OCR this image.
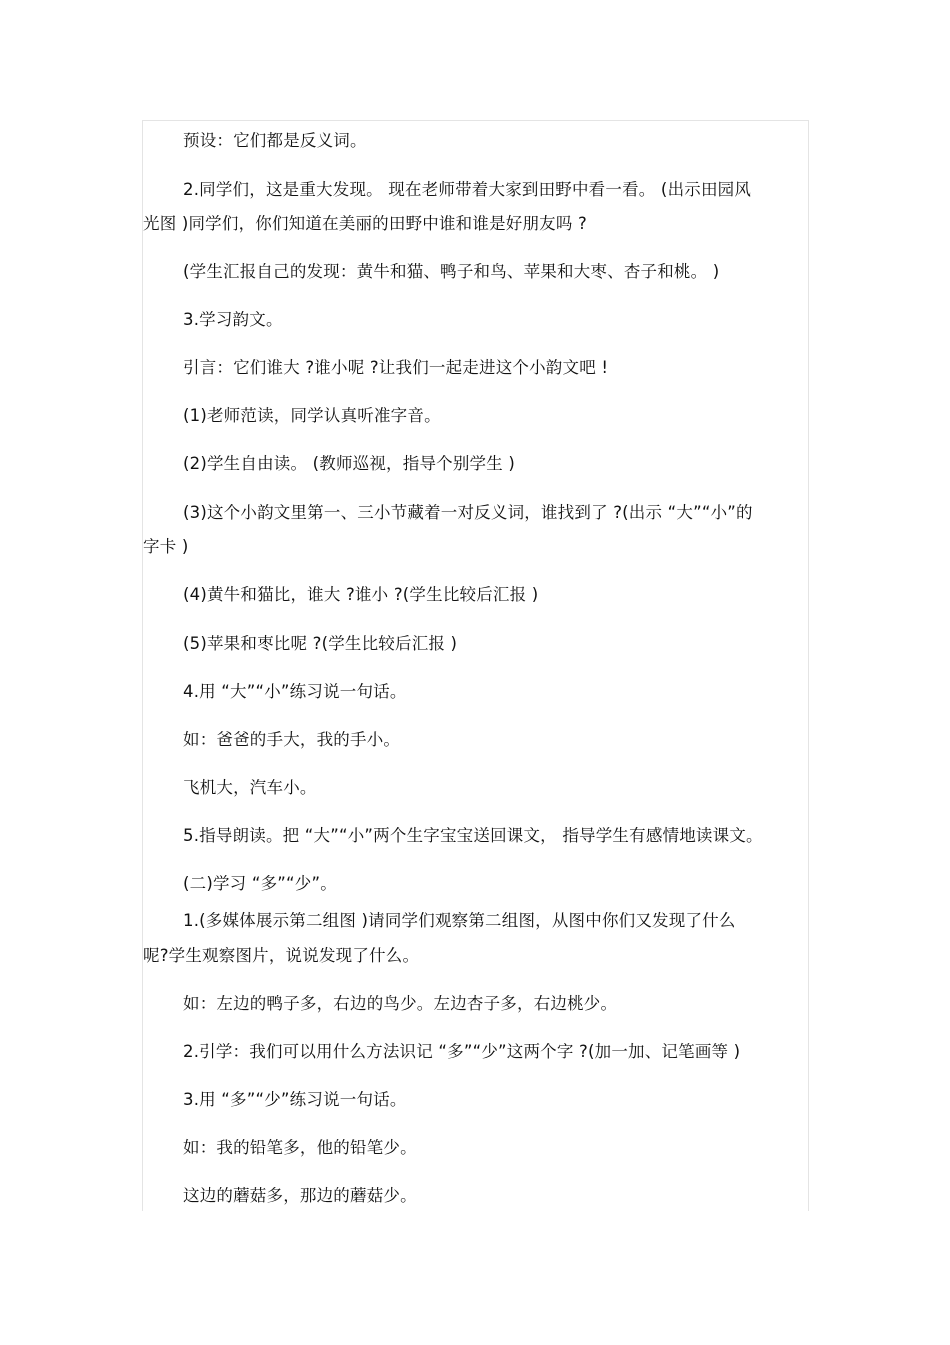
预设：它们都是反义词。
2.同学们，这是重大发现。 现在老师带着大家到田野中看一看。 (出示田园风
光图 )同学们，你们知道在美丽的田野中谁和谁是好朋友吗 ?
(学生汇报自己的发现：黄牛和猫、鸭子和鸟、苹果和大枣、杏子和桃。 )
3.学习韵文。
引言：它们谁大 ?谁小呢 ?让我们一起走进这个小韵文吧 !
(1)老师范读，同学认真听准字音。
(2)学生自由读。 (教师巡视，指导个别学生 )
(3)这个小韵文里第一、三小节藏着一对反义词，谁找到了 ?(出示 “大”“小”的
字卡 )
(4)黄牛和猫比，谁大 ?谁小 ?(学生比较后汇报 )
(5)苹果和枣比呢 ?(学生比较后汇报 )
4.用 “大”“小”练习说一句话。
如：爸爸的手大，我的手小。
飞机大，汽车小。
5.指导朗读。把 “大”“小”两个生字宝宝送回课文， 指导学生有感情地读课文。
(二)学习 “多”“少”。
1.(多媒体展示第二组图 )请同学们观察第二组图，从图中你们又发现了什么
呢?学生观察图片，说说发现了什么。
如：左边的鸭子多，右边的鸟少。左边杏子多，右边桃少。
2.引学：我们可以用什么方法识记 “多”“少”这两个字 ?(加一加、记笔画等 )
3.用 “多”“少”练习说一句话。
如：我的铅笔多，他的铅笔少。
这边的蘑菇多，那边的蘑菇少。
